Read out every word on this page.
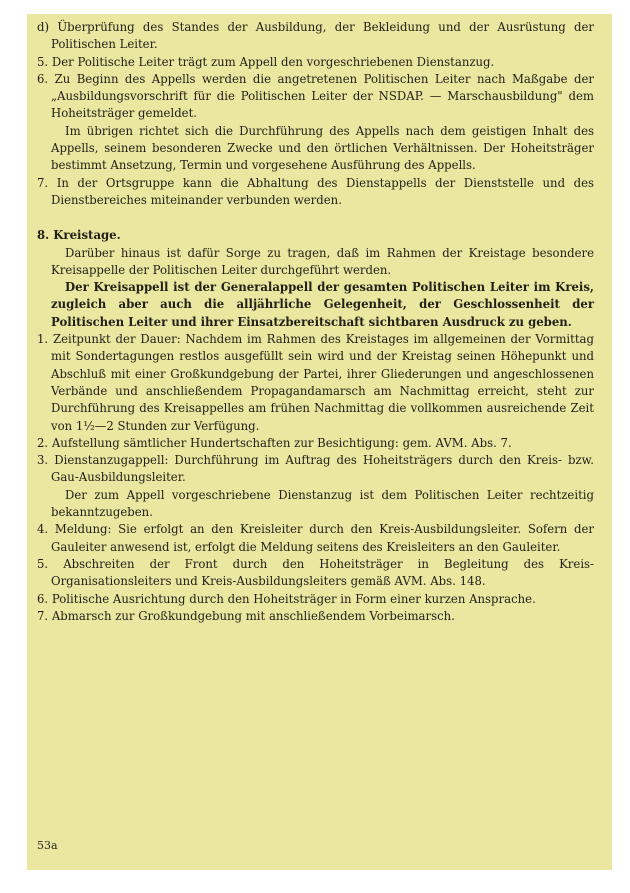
d) Überprüfung des Standes der Ausbildung, der Bekleidung und der Ausrüstung der Politischen Leiter.
5. Der Politische Leiter trägt zum Appell den vorgeschriebenen Dienstanzug.
6. Zu Beginn des Appells werden die angetretenen Politischen Leiter nach Maßgabe der „Ausbildungsvorschrift für die Politischen Leiter der NSDAP. — Marschausbildung" dem Hoheitsträger gemeldet.
Im übrigen richtet sich die Durchführung des Appells nach dem geistigen Inhalt des Appells, seinem besonderen Zwecke und den örtlichen Verhältnissen. Der Hoheitsträger bestimmt Ansetzung, Termin und vorgesehene Ausführung des Appells.
7. In der Ortsgruppe kann die Abhaltung des Dienstappells der Dienststelle und des Dienstbereiches miteinander verbunden werden.
8. Kreistage.
Darüber hinaus ist dafür Sorge zu tragen, daß im Rahmen der Kreistage besondere Kreisappelle der Politischen Leiter durchgeführt werden.
Der Kreisappell ist der Generalappell der gesamten Politischen Leiter im Kreis, zugleich aber auch die alljährliche Gelegenheit, der Geschlossenheit der Politischen Leiter und ihrer Einsatzbereitschaft sichtbaren Ausdruck zu geben.
1. Zeitpunkt der Dauer: Nachdem im Rahmen des Kreistages im allgemeinen der Vormittag mit Sondertagungen restlos ausgefüllt sein wird und der Kreistag seinen Höhepunkt und Abschluß mit einer Großkundgebung der Partei, ihrer Gliederungen und angeschlossenen Verbände und anschließendem Propagandamarsch am Nachmittag erreicht, steht zur Durchführung des Kreisappelles am frühen Nachmittag die vollkommen ausreichende Zeit von 1½—2 Stunden zur Verfügung.
2. Aufstellung sämtlicher Hundertschaften zur Besichtigung: gem. AVM. Abs. 7.
3. Dienstanzugappell: Durchführung im Auftrag des Hoheitsträgers durch den Kreis- bzw. Gau-Ausbildungsleiter.
Der zum Appell vorgeschriebene Dienstanzug ist dem Politischen Leiter rechtzeitig bekanntzugeben.
4. Meldung: Sie erfolgt an den Kreisleiter durch den Kreis-Ausbildungsleiter. Sofern der Gauleiter anwesend ist, erfolgt die Meldung seitens des Kreisleiters an den Gauleiter.
5. Abschreiten der Front durch den Hoheitsträger in Begleitung des Kreis-Organisationsleiters und Kreis-Ausbildungsleiters gemäß AVM. Abs. 148.
6. Politische Ausrichtung durch den Hoheitsträger in Form einer kurzen Ansprache.
7. Abmarsch zur Großkundgebung mit anschließendem Vorbeimarsch.
53a
